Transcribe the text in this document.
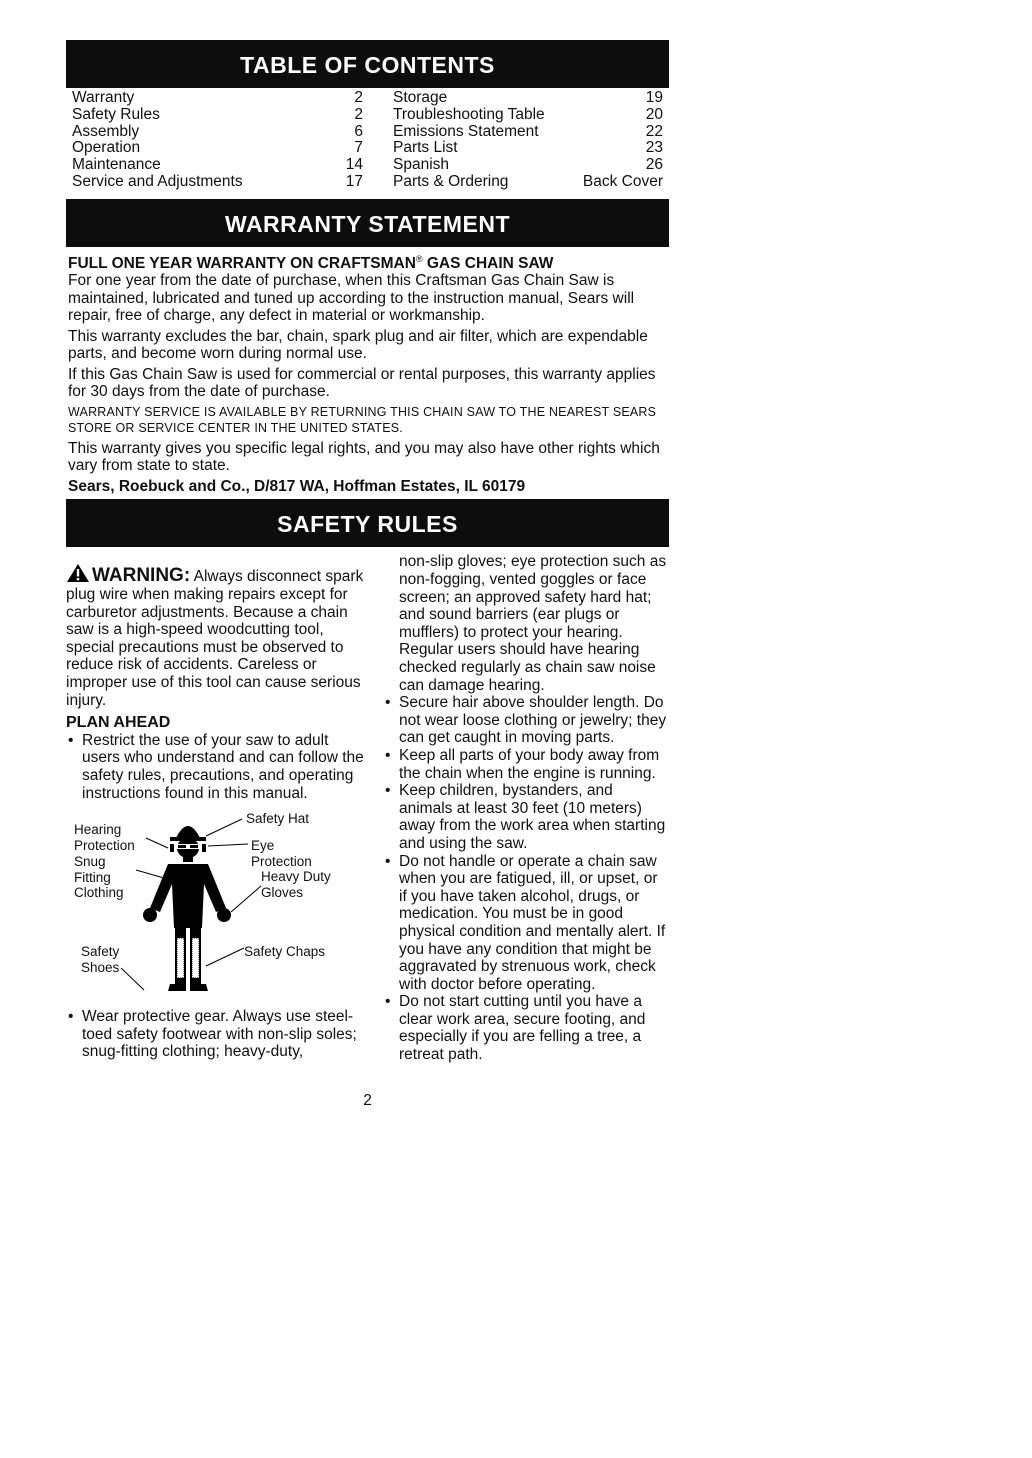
TABLE OF CONTENTS
Warranty	2
Safety Rules	2
Assembly	6
Operation	7
Maintenance	14
Service and Adjustments	17
Storage	19
Troubleshooting Table	20
Emissions Statement	22
Parts List	23
Spanish	26
Parts & Ordering	Back Cover
WARRANTY STATEMENT

FULL ONE YEAR WARRANTY ON CRAFTSMAN® GAS CHAIN SAW

For one year from the date of purchase, when this Craftsman Gas Chain Saw is maintained, lubricated and tuned up according to the instruction manual, Sears will repair, free of charge, any defect in material or workmanship.

This warranty excludes the bar, chain, spark plug and air filter, which are expendable parts, and become worn during normal use.

If this Gas Chain Saw is used for commercial or rental purposes, this warranty applies for 30 days from the date of purchase.

WARRANTY SERVICE IS AVAILABLE BY RETURNING THIS CHAIN SAW TO THE NEAREST SEARS STORE OR SERVICE CENTER IN THE UNITED STATES.

This warranty gives you specific legal rights, and you may also have other rights which vary from state to state.

Sears, Roebuck and Co., D/817 WA, Hoffman Estates, IL 60179

SAFETY RULES
WARNING: Always disconnect spark plug wire when making repairs except for carburetor adjustments. Because a chain saw is a high-speed woodcutting tool, special precautions must be observed to reduce risk of accidents. Careless or improper use of this tool can cause serious injury.
PLAN AHEAD
• Restrict the use of your saw to adult users who understand and can follow the safety rules, precautions, and operating instructions found in this manual.
Hearing
Protection
Snug
Fitting
Clothing
Safety
Shoes
Safety Hat
Eye
Protection
Heavy Duty
Gloves
Safety Chaps
• Wear protective gear. Always use steel-toed safety footwear with non-slip soles; snug-fitting clothing; heavy-duty,

non-slip gloves; eye protection such as non-fogging, vented goggles or face screen; an approved safety hard hat; and sound barriers (ear plugs or mufflers) to protect your hearing. Regular users should have hearing checked regularly as chain saw noise can damage hearing.

• Secure hair above shoulder length. Do not wear loose clothing or jewelry; they can get caught in moving parts.
• Keep all parts of your body away from the chain when the engine is running.
• Keep children, bystanders, and animals at least 30 feet (10 meters) away from the work area when starting and using the saw.
• Do not handle or operate a chain saw when you are fatigued, ill, or upset, or if you have taken alcohol, drugs, or medication. You must be in good physical condition and mentally alert. If you have any condition that might be aggravated by strenuous work, check with doctor before operating.
• Do not start cutting until you have a clear work area, secure footing, and especially if you are felling a tree, a retreat path.
2
